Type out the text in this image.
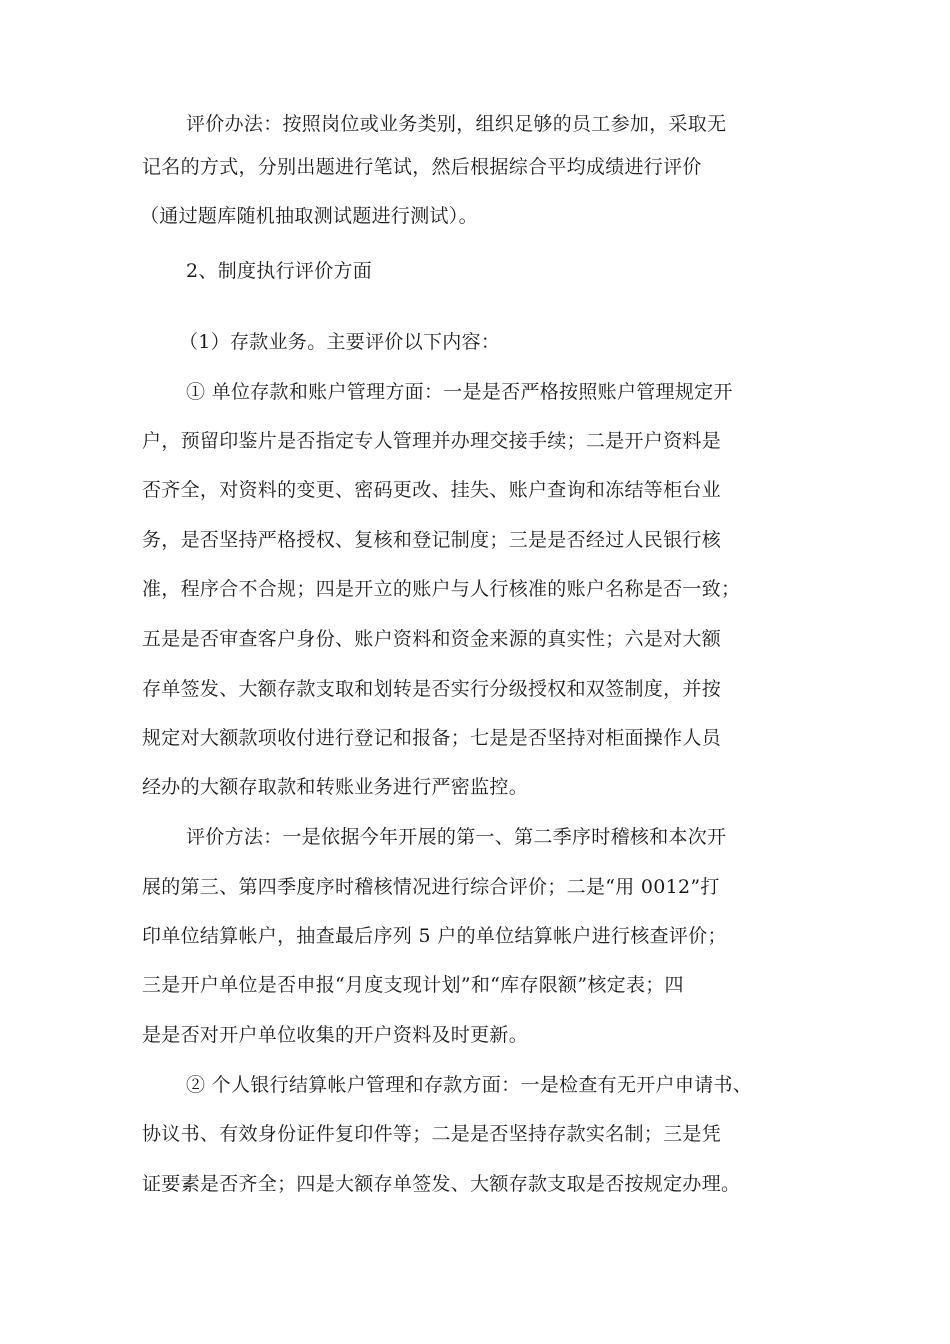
评价办法：按照岗位或业务类别，组织足够的员工参加，采取无
记名的方式，分别出题进行笔试，然后根据综合平均成绩进行评价
（通过题库随机抽取测试题进行测试）。
2、制度执行评价方面
（1）存款业务。主要评价以下内容：
① 单位存款和账户管理方面：一是是否严格按照账户管理规定开
户，预留印鉴片是否指定专人管理并办理交接手续；二是开户资料是
否齐全，对资料的变更、密码更改、挂失、账户查询和冻结等柜台业
务，是否坚持严格授权、复核和登记制度；三是是否经过人民银行核
准，程序合不合规；四是开立的账户与人行核准的账户名称是否一致；
五是是否审查客户身份、账户资料和资金来源的真实性；六是对大额
存单签发、大额存款支取和划转是否实行分级授权和双签制度，并按
规定对大额款项收付进行登记和报备；七是是否坚持对柜面操作人员
经办的大额存取款和转账业务进行严密监控。
评价方法：一是依据今年开展的第一、第二季序时稽核和本次开
展的第三、第四季度序时稽核情况进行综合评价；二是“用 0012”打
印单位结算帐户，抽查最后序列 5 户的单位结算帐户进行核查评价；
三是开户单位是否申报“月度支现计划”和“库存限额”核定表；四
是是否对开户单位收集的开户资料及时更新。
② 个人银行结算帐户管理和存款方面：一是检查有无开户申请书、
协议书、有效身份证件复印件等；二是是否坚持存款实名制；三是凭
证要素是否齐全；四是大额存单签发、大额存款支取是否按规定办理。
